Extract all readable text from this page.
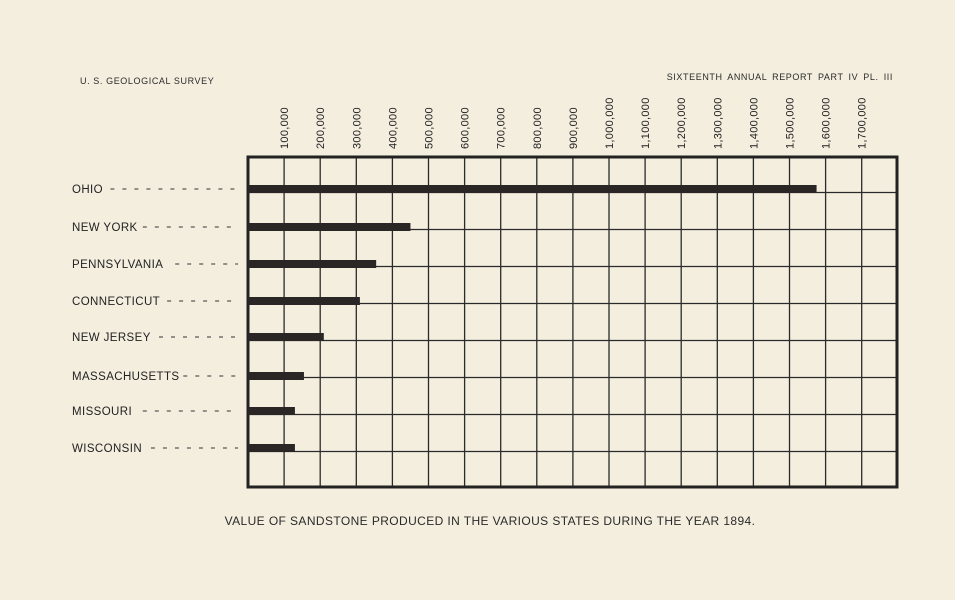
U. S. GEOLOGICAL SURVEY	SIXTEENTH ANNUAL REPORT PART IV PL. III
100,000 200,000 300,000 400,000 500,000 600,000 700,000 800,000 900,000 1,000,000 1,100,000 1,200,000 1,300,000 1,400,000 1,500,000 1,600,000 1,700,000
OHIO
NEW YORK
PENNSYLVANIA
CONNECTICUT
NEW JERSEY
MASSACHUSETTS
MISSOURI
WISCONSIN
VALUE OF SANDSTONE PRODUCED IN THE VARIOUS STATES DURING THE YEAR 1894.
